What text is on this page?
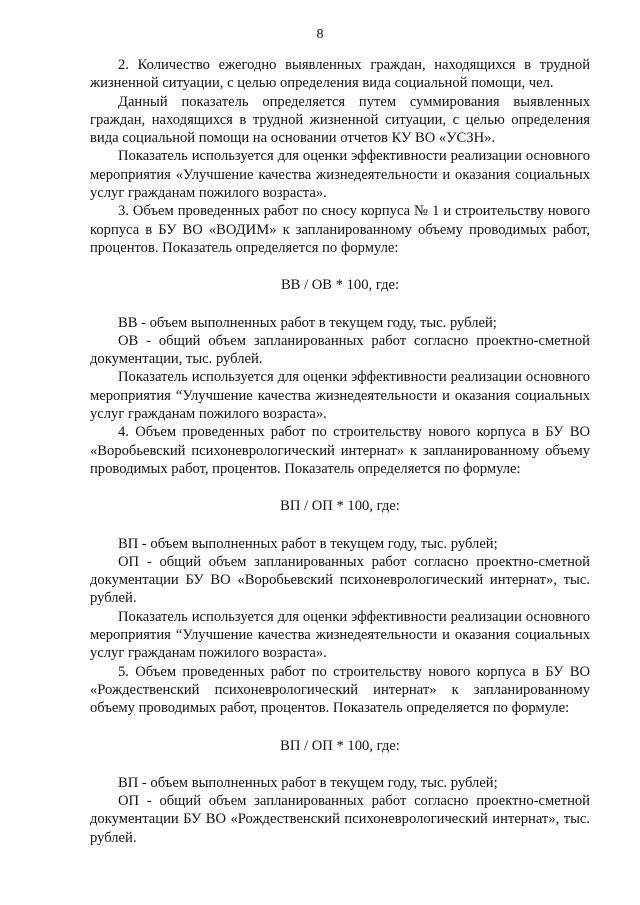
8

2. Количество ежегодно выявленных граждан, находящихся в трудной жизненной ситуации, с целью определения вида социальной помощи, чел.

Данный показатель определяется путем суммирования выявленных граждан, находящихся в трудной жизненной ситуации, с целью определения вида социальной помощи на основании отчетов КУ ВО «УСЗН».

Показатель используется для оценки эффективности реализации основного мероприятия «Улучшение качества жизнедеятельности и оказания социальных услуг гражданам пожилого возраста».

3. Объем проведенных работ по сносу корпуса № 1 и строительству нового корпуса в БУ ВО «ВОДИМ» к запланированному объему проводимых работ, процентов. Показатель определяется по формуле:

ВВ / ОВ * 100, где:

ВВ - объем выполненных работ в текущем году, тыс. рублей;

ОВ - общий объем запланированных работ согласно проектно-сметной документации, тыс. рублей.

Показатель используется для оценки эффективности реализации основного мероприятия “Улучшение качества жизнедеятельности и оказания социальных услуг гражданам пожилого возраста».

4. Объем проведенных работ по строительству нового корпуса в БУ ВО «Воробьевский психоневрологический интернат» к запланированному объему проводимых работ, процентов. Показатель определяется по формуле:

ВП / ОП * 100, где:

ВП - объем выполненных работ в текущем году, тыс. рублей;

ОП - общий объем запланированных работ согласно проектно-сметной документации БУ ВО «Воробьевский психоневрологический интернат», тыс. рублей.

Показатель используется для оценки эффективности реализации основного мероприятия “Улучшение качества жизнедеятельности и оказания социальных услуг гражданам пожилого возраста».

5. Объем проведенных работ по строительству нового корпуса в БУ ВО «Рождественский психоневрологический интернат» к запланированному объему проводимых работ, процентов. Показатель определяется по формуле:

ВП / ОП * 100, где:

ВП - объем выполненных работ в текущем году, тыс. рублей;

ОП - общий объем запланированных работ согласно проектно-сметной документации БУ ВО «Рождественский психоневрологический интернат», тыс. рублей.
